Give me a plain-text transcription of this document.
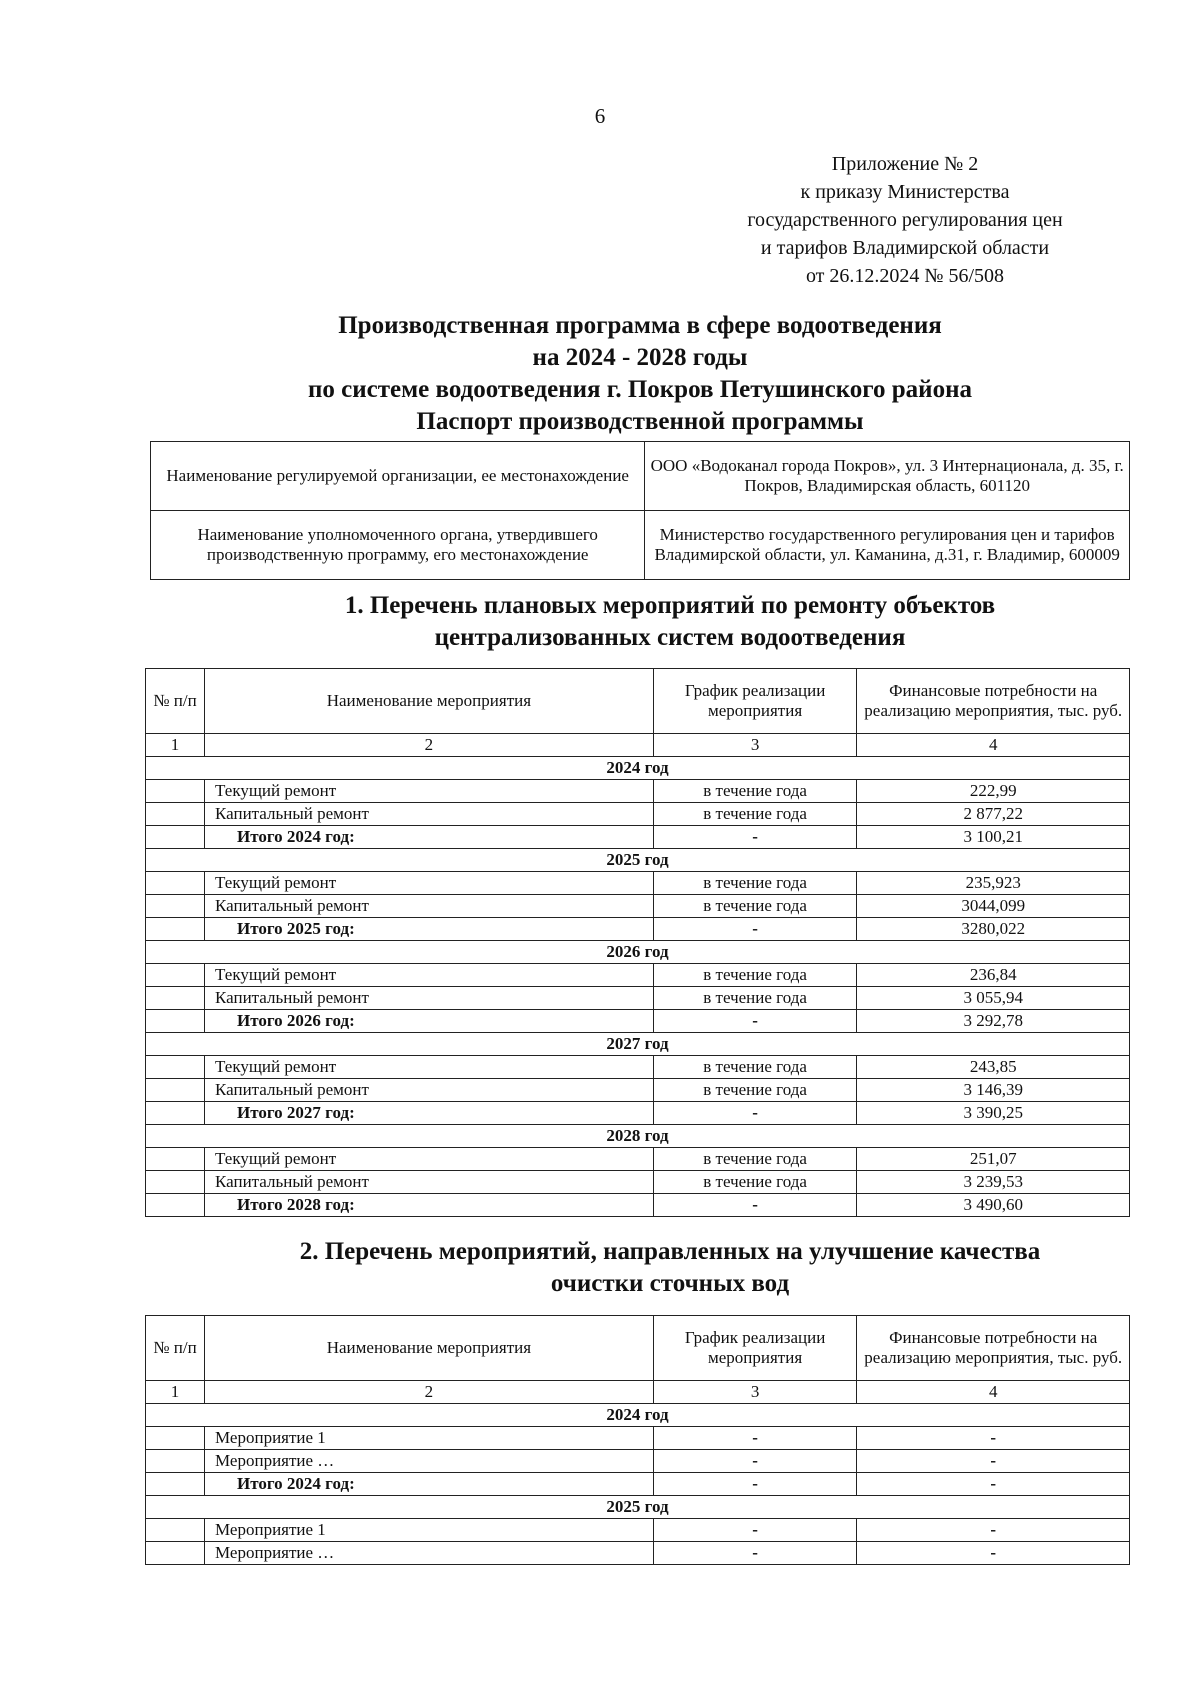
6
Приложение № 2
к приказу Министерства
государственного регулирования цен
и тарифов Владимирской области
от 26.12.2024 № 56/508
Производственная программа в сфере водоотведения
на 2024 - 2028 годы
по системе водоотведения г. Покров Петушинского района
Паспорт производственной программы
Наименование регулируемой организации, ее местонахождение	ООО «Водоканал города Покров», ул. 3 Интернационала, д. 35, г. Покров, Владимирская область, 601120
Наименование уполномоченного органа, утвердившего производственную программу, его местонахождение	Министерство государственного регулирования цен и тарифов Владимирской области, ул. Каманина, д.31, г. Владимир, 600009
1. Перечень плановых мероприятий по ремонту объектов
централизованных систем водоотведения
№ п/п	Наименование мероприятия	График реализации мероприятия	Финансовые потребности на реализацию мероприятия, тыс. руб.
1	2	3	4
2024 год			
	Текущий ремонт	в течение года	222,99
	Капитальный ремонт	в течение года	2 877,22
	Итого 2024 год:	-	3 100,21
2025 год			
	Текущий ремонт	в течение года	235,923
	Капитальный ремонт	в течение года	3044,099
	Итого 2025 год:	-	3280,022
2026 год			
	Текущий ремонт	в течение года	236,84
	Капитальный ремонт	в течение года	3 055,94
	Итого 2026 год:	-	3 292,78
2027 год			
	Текущий ремонт	в течение года	243,85
	Капитальный ремонт	в течение года	3 146,39
	Итого 2027 год:	-	3 390,25
2028 год			
	Текущий ремонт	в течение года	251,07
	Капитальный ремонт	в течение года	3 239,53
	Итого 2028 год:	-	3 490,60
2. Перечень мероприятий, направленных на улучшение качества
очистки сточных вод
№ п/п	Наименование мероприятия	График реализации мероприятия	Финансовые потребности на реализацию мероприятия, тыс. руб.
1	2	3	4
2024 год			
	Мероприятие 1	-	-
	Мероприятие …	-	-
	Итого 2024 год:	-	-
2025 год			
	Мероприятие 1	-	-
	Мероприятие …	-	-
